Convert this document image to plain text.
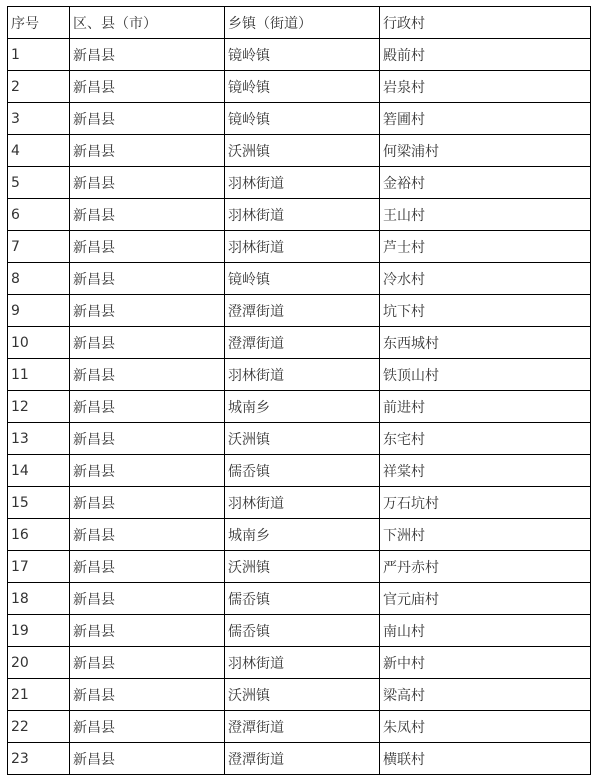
序号	区、县（市）	乡镇（街道）	行政村
1	新昌县	镜岭镇	殿前村
2	新昌县	镜岭镇	岩泉村
3	新昌县	镜岭镇	箬圃村
4	新昌县	沃洲镇	何梁浦村
5	新昌县	羽林街道	金裕村
6	新昌县	羽林街道	王山村
7	新昌县	羽林街道	芦士村
8	新昌县	镜岭镇	冷水村
9	新昌县	澄潭街道	坑下村
10	新昌县	澄潭街道	东西城村
11	新昌县	羽林街道	铁顶山村
12	新昌县	城南乡	前进村
13	新昌县	沃洲镇	东宅村
14	新昌县	儒岙镇	祥棠村
15	新昌县	羽林街道	万石坑村
16	新昌县	城南乡	下洲村
17	新昌县	沃洲镇	严丹赤村
18	新昌县	儒岙镇	官元庙村
19	新昌县	儒岙镇	南山村
20	新昌县	羽林街道	新中村
21	新昌县	沃洲镇	梁高村
22	新昌县	澄潭街道	朱凤村
23	新昌县	澄潭街道	横联村
